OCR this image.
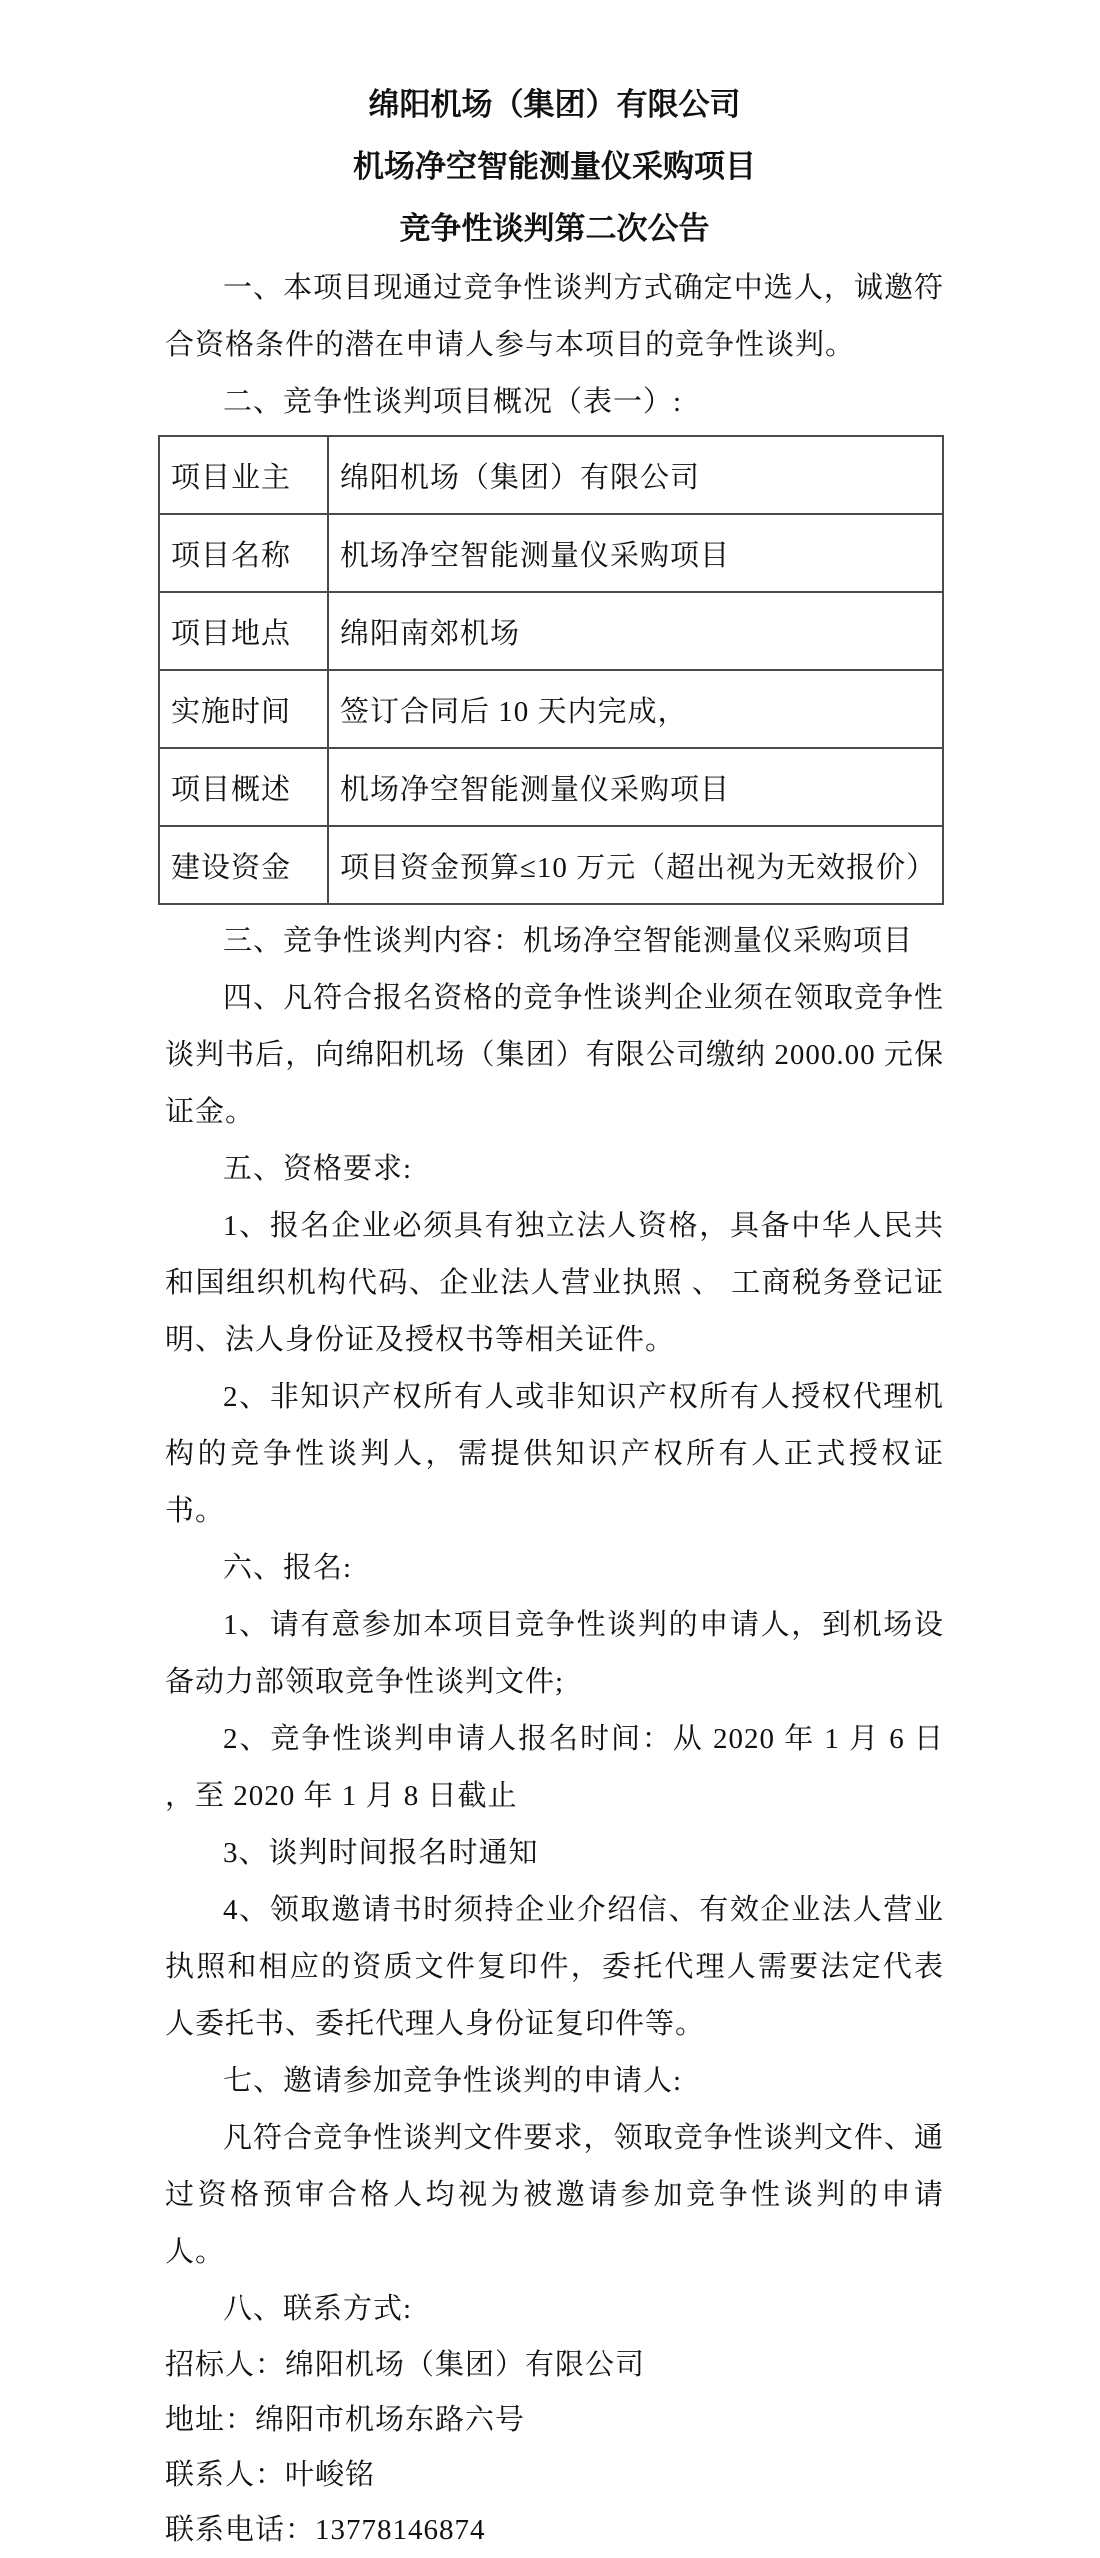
绵阳机场（集团）有限公司
机场净空智能测量仪采购项目
竞争性谈判第二次公告

一、本项目现通过竞争性谈判方式确定中选人，诚邀符合资格条件的潜在申请人参与本项目的竞争性谈判。

二、竞争性谈判项目概况（表一）:

项目业主	绵阳机场（集团）有限公司
项目名称	机场净空智能测量仪采购项目
项目地点	绵阳南郊机场
实施时间	签订合同后 10 天内完成，
项目概述	机场净空智能测量仪采购项目
建设资金	项目资金预算≤10 万元（超出视为无效报价）

三、竞争性谈判内容：机场净空智能测量仪采购项目

四、凡符合报名资格的竞争性谈判企业须在领取竞争性谈判书后，向绵阳机场（集团）有限公司缴纳 2000.00 元保证金。

五、资格要求:

1、报名企业必须具有独立法人资格，具备中华人民共和国组织机构代码、企业法人营业执照 、 工商税务登记证明、法人身份证及授权书等相关证件。

2、非知识产权所有人或非知识产权所有人授权代理机构的竞争性谈判人，需提供知识产权所有人正式授权证书。

六、报名:

1、请有意参加本项目竞争性谈判的申请人，到机场设备动力部领取竞争性谈判文件;

2、竞争性谈判申请人报名时间：从 2020 年 1 月 6 日 ，至 2020 年 1 月 8 日截止

3、谈判时间报名时通知

4、领取邀请书时须持企业介绍信、有效企业法人营业执照和相应的资质文件复印件，委托代理人需要法定代表人委托书、委托代理人身份证复印件等。

七、邀请参加竞争性谈判的申请人:

凡符合竞争性谈判文件要求，领取竞争性谈判文件、通过资格预审合格人均视为被邀请参加竞争性谈判的申请人。

八、联系方式:

招标人：绵阳机场（集团）有限公司

地址：绵阳市机场东路六号

联系人：叶峻铭

联系电话：13778146874
